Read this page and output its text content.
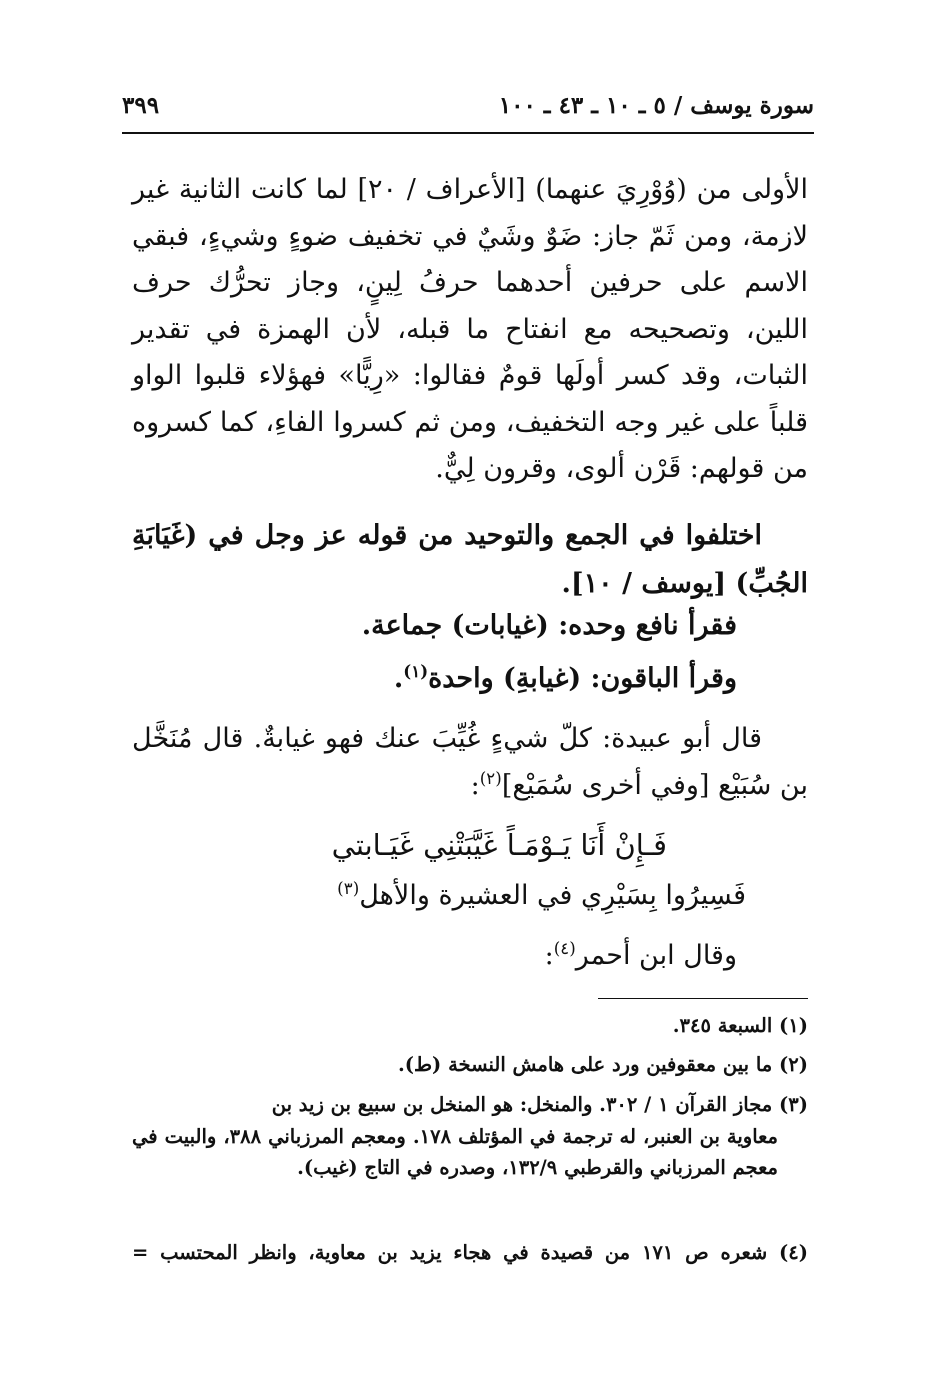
سورة يوسف / ٥ ـ ١٠ ـ ٤٣ ـ ١٠٠
٣٩٩
الأولى من (وُوْرِيَ عنهما) [الأعراف / ٢٠] لما كانت الثانية غير لازمة، ومن ثَمّ جاز: ضَوٌ وشَيٌ في تخفيف ضوءٍ وشيءٍ، فبقي الاسم على حرفين أحدهما حرفُ لِينٍ، وجاز تحرُّك حرف اللين، وتصحيحه مع انفتاح ما قبله، لأن الهمزة في تقدير الثبات، وقد كسر أولَها قومٌ فقالوا: «رِيًّا» فهؤلاء قلبوا الواو قلباً على غير وجه التخفيف، ومن ثم كسروا الفاءِ، كما كسروه من قولهم: قَرْن ألوى، وقرون لِيٌّ.
اختلفوا في الجمع والتوحيد من قوله عز وجل في (غَيَابَةِ الجُبِّ) [يوسف / ١٠].
فقرأ نافع وحده: (غيابات) جماعة.
وقرأ الباقون: (غيابةِ) واحدة$^{(١)}$.
قال أبو عبيدة: كلّ شيءٍ غُيِّبَ عنك فهو غيابةٌ. قال مُنَخَّل بن سُبَيْع [وفي أخرى سُمَيْع]$^{(٢)}$:
فَـإِنْ أَنَا يَـوْمَـاً غَيَّبَتْنِي غَيَـابتي
فَسِيرُوا بِسَيْرِي في العشيرة والأهل$^{(٣)}$
وقال ابن أحمر$^{(٤)}$:
(١) السبعة ٣٤٥.
(٢) ما بين معقوفين ورد على هامش النسخة (ط).
(٣) مجاز القرآن ١ / ٣٠٢. والمنخل: هو المنخل بن سبيع بن زيد بن
معاوية بن العنبر، له ترجمة في المؤتلف ١٧٨. ومعجم المرزباني ٣٨٨، والبيت في معجم المرزباني والقرطبي ١٣٢/٩، وصدره في التاج (غيب).
(٤) شعره ص ١٧١ من قصيدة في هجاء يزيد بن معاوية، وانظر المحتسب =
